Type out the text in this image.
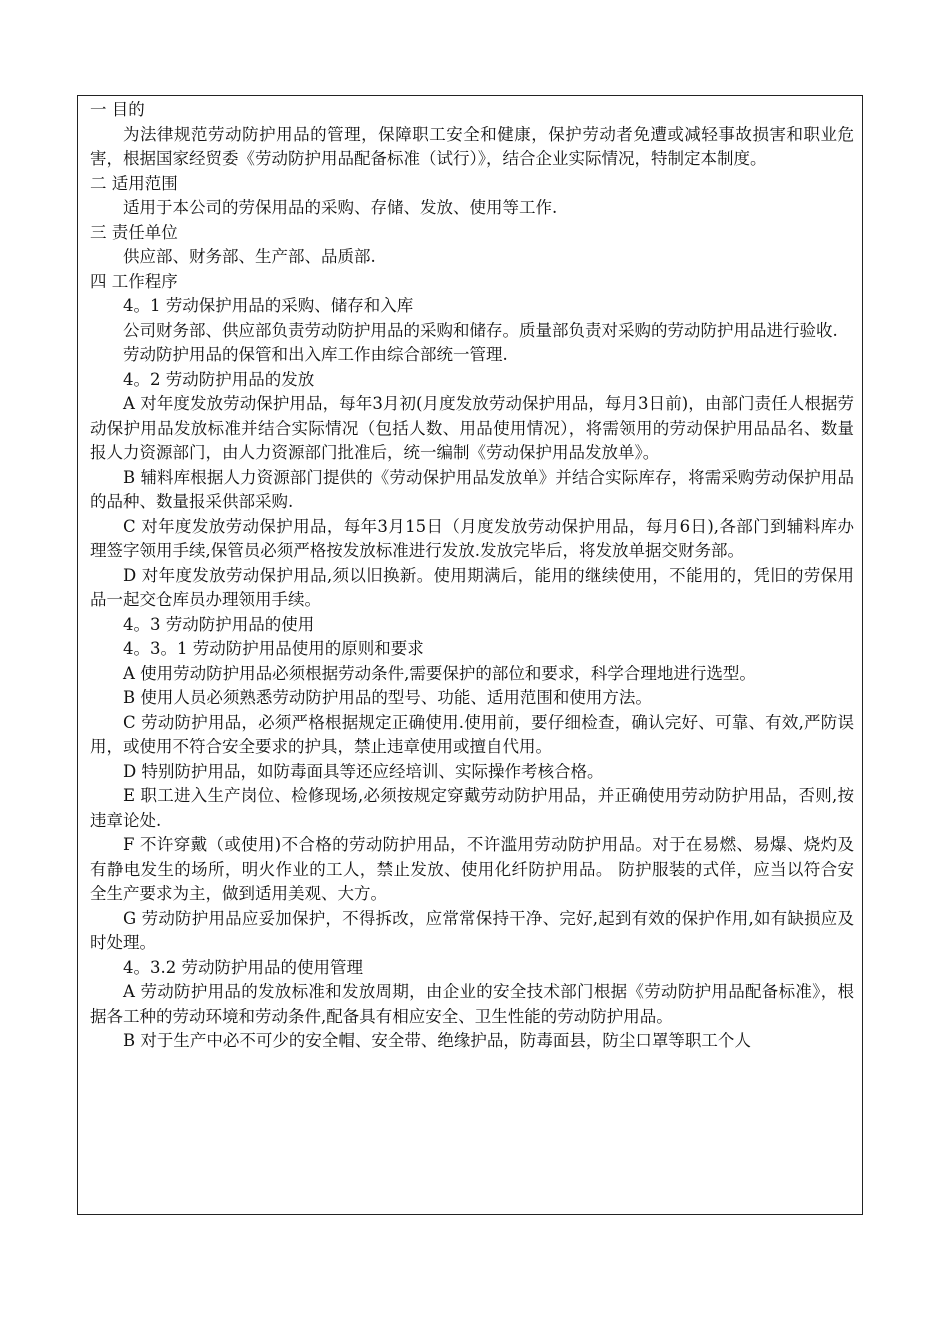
一 目的
为法律规范劳动防护用品的管理，保障职工安全和健康，保护劳动者免遭或减轻事故损害和职业危害，根据国家经贸委《劳动防护用品配备标准（试行）》，结合企业实际情况，特制定本制度。
二 适用范围
适用于本公司的劳保用品的采购、存储、发放、使用等工作.
三 责任单位
供应部、财务部、生产部、品质部.
四 工作程序
4。1 劳动保护用品的采购、储存和入库
公司财务部、供应部负责劳动防护用品的采购和储存。质量部负责对采购的劳动防护用品进行验收.
劳动防护用品的保管和出入库工作由综合部统一管理.
4。2 劳动防护用品的发放
A 对年度发放劳动保护用品，每年3月初(月度发放劳动保护用品，每月3日前)，由部门责任人根据劳动保护用品发放标准并结合实际情况（包括人数、用品使用情况），将需领用的劳动保护用品品名、数量报人力资源部门，由人力资源部门批准后，统一编制《劳动保护用品发放单》。
B 辅料库根据人力资源部门提供的《劳动保护用品发放单》并结合实际库存，将需采购劳动保护用品的品种、数量报采供部采购.
C 对年度发放劳动保护用品，每年3月15日（月度发放劳动保护用品，每月6日),各部门到辅料库办理签字领用手续,保管员必须严格按发放标准进行发放.发放完毕后，将发放单据交财务部。
D 对年度发放劳动保护用品,须以旧换新。使用期满后，能用的继续使用，不能用的，凭旧的劳保用品一起交仓库员办理领用手续。
4。3 劳动防护用品的使用
4。3。1 劳动防护用品使用的原则和要求
A 使用劳动防护用品必须根据劳动条件,需要保护的部位和要求，科学合理地进行选型。
B 使用人员必须熟悉劳动防护用品的型号、功能、适用范围和使用方法。
C 劳动防护用品，必须严格根据规定正确使用.使用前，要仔细检查，确认完好、可靠、有效,严防误用，或使用不符合安全要求的护具，禁止违章使用或擅自代用。
D 特别防护用品，如防毒面具等还应经培训、实际操作考核合格。
E 职工进入生产岗位、检修现场,必须按规定穿戴劳动防护用品，并正确使用劳动防护用品，否则,按违章论处.
F 不许穿戴（或使用)不合格的劳动防护用品，不许滥用劳动防护用品。对于在易燃、易爆、烧灼及有静电发生的场所，明火作业的工人，禁止发放、使用化纤防护用品。 防护服装的式佯，应当以符合安全生产要求为主，做到适用美观、大方。
G 劳动防护用品应妥加保护，不得拆改，应常常保持干净、完好,起到有效的保护作用,如有缺损应及时处理。
4。3.2 劳动防护用品的使用管理
A 劳动防护用品的发放标准和发放周期，由企业的安全技术部门根据《劳动防护用品配备标准》，根据各工种的劳动环境和劳动条件,配备具有相应安全、卫生性能的劳动防护用品。
B 对于生产中必不可少的安全帽、安全带、绝缘护品，防毒面县，防尘口罩等职工个人
